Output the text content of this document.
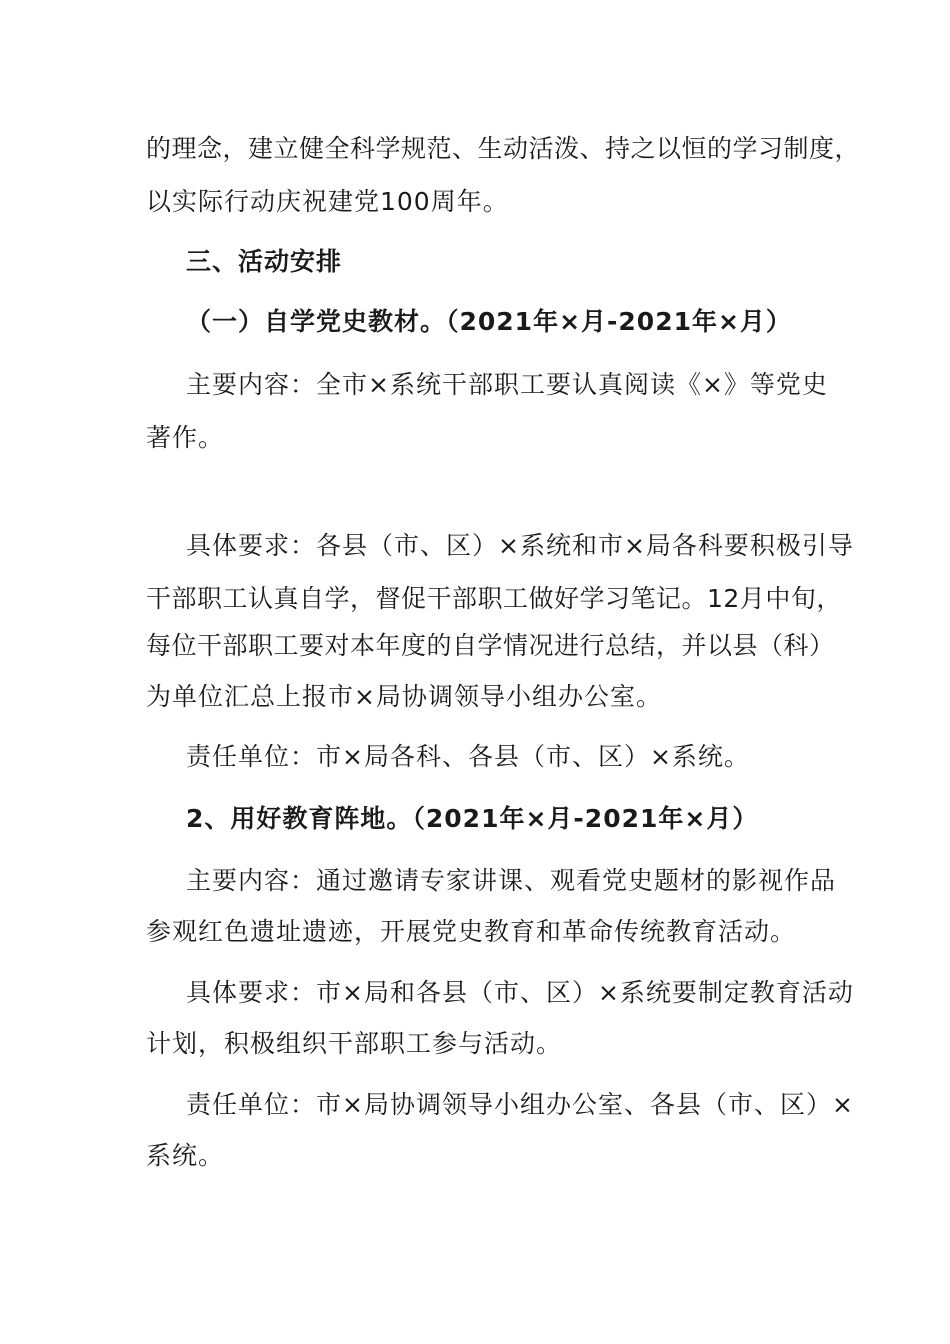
的理念，建立健全科学规范、生动活泼、持之以恒的学习制度，
以实际行动庆祝建党100周年。
三、活动安排
（一）自学党史教材。（2021年×月-2021年×月）
主要内容：全市×系统干部职工要认真阅读《×》等党史
著作。
具体要求：各县（市、区）×系统和市×局各科要积极引导
干部职工认真自学，督促干部职工做好学习笔记。12月中旬，
每位干部职工要对本年度的自学情况进行总结，并以县（科）
为单位汇总上报市×局协调领导小组办公室。
责任单位：市×局各科、各县（市、区）×系统。
2、用好教育阵地。（2021年×月-2021年×月）
主要内容：通过邀请专家讲课、观看党史题材的影视作品
参观红色遗址遗迹，开展党史教育和革命传统教育活动。
具体要求：市×局和各县（市、区）×系统要制定教育活动
计划，积极组织干部职工参与活动。
责任单位：市×局协调领导小组办公室、各县（市、区）×
系统。
